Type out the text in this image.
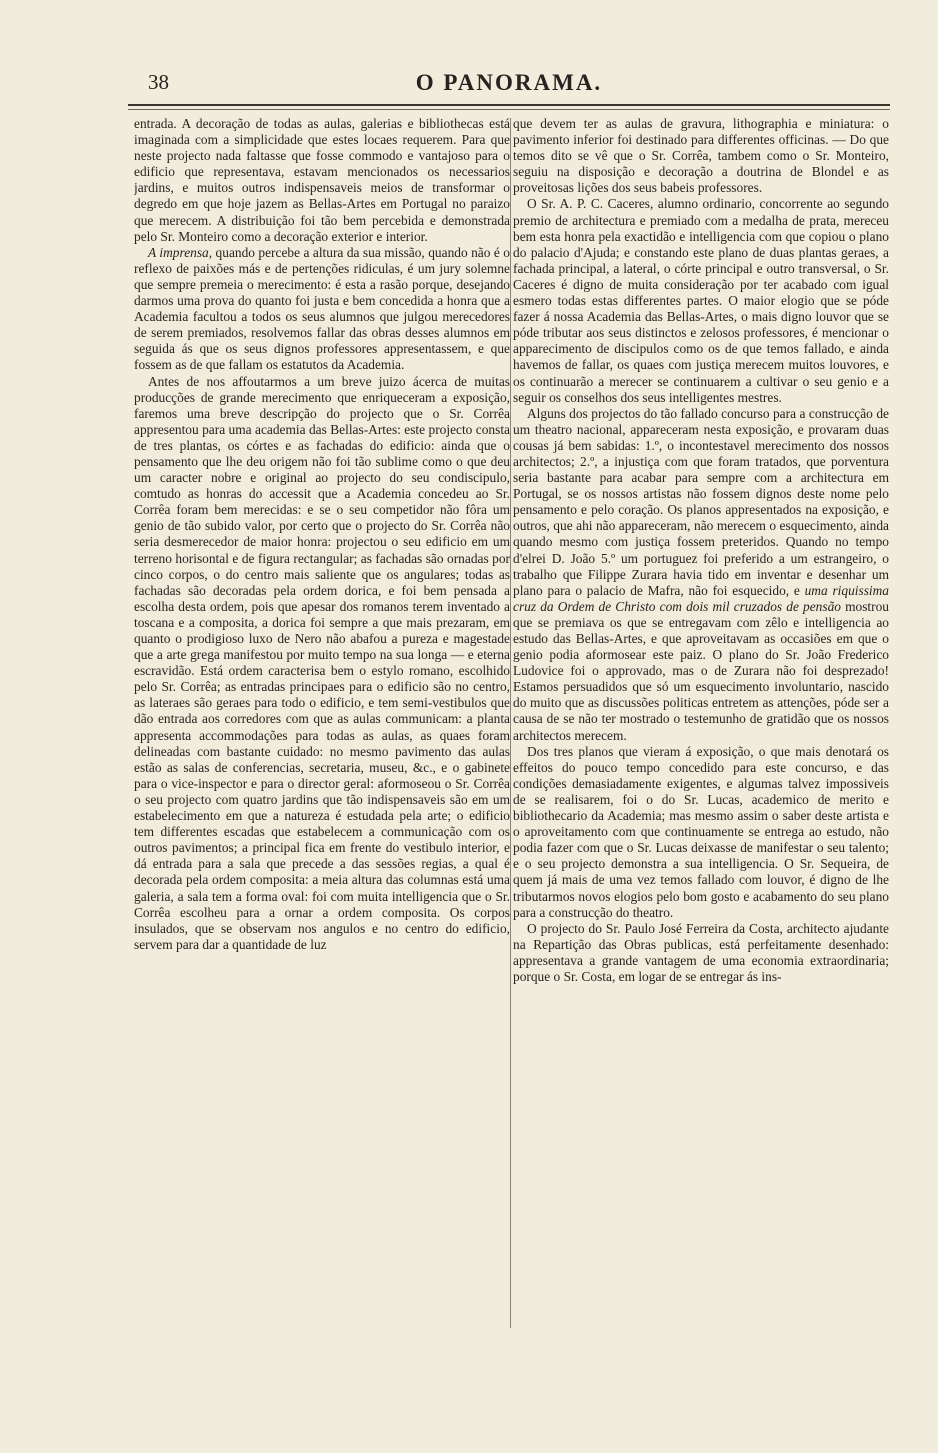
38	O PANORAMA.

entrada. A decoração de todas as aulas, galerias e bibliothecas está imaginada com a simplicidade que estes locaes requerem. Para que neste projecto nada faltasse que fosse commodo e vantajoso para o edificio que representava, estavam mencionados os necessarios jardins, e muitos outros indispensaveis meios de transformar o degredo em que hoje jazem as Bellas-Artes em Portugal no paraizo que merecem. A distribuição foi tão bem percebida e demonstrada pelo Sr. Monteiro como a decoração exterior e interior.

A imprensa, quando percebe a altura da sua missão, quando não é o reflexo de paixões más e de pertenções ridiculas, é um jury solemne que sempre premeia o merecimento: é esta a rasão porque, desejando darmos uma prova do quanto foi justa e bem concedida a honra que a Academia facultou a todos os seus alumnos que julgou merecedores de serem premiados, resolvemos fallar das obras desses alumnos em seguida ás que os seus dignos professores appresentassem, e que fossem as de que fallam os estatutos da Academia.

Antes de nos affoutarmos a um breve juizo ácerca de muitas producções de grande merecimento que enriqueceram a exposição, faremos uma breve descripção do projecto que o Sr. Corrêa appresentou para uma academia das Bellas-Artes: este projecto consta de tres plantas, os córtes e as fachadas do edificio: ainda que o pensamento que lhe deu origem não foi tão sublime como o que deu um caracter nobre e original ao projecto do seu condiscipulo, comtudo as honras do accessit que a Academia concedeu ao Sr. Corrêa foram bem merecidas: e se o seu competidor não fôra um genio de tão subido valor, por certo que o projecto do Sr. Corrêa não seria desmerecedor de maior honra: projectou o seu edificio em um terreno horisontal e de figura rectangular; as fachadas são ornadas por cinco corpos, o do centro mais saliente que os angulares; todas as fachadas são decoradas pela ordem dorica, e foi bem pensada a escolha desta ordem, pois que apesar dos romanos terem inventado a toscana e a composita, a dorica foi sempre a que mais prezaram, em quanto o prodigioso luxo de Nero não abafou a pureza e magestade que a arte grega manifestou por muito tempo na sua longa — e eterna escravidão. Está ordem caracterisa bem o estylo romano, escolhido pelo Sr. Corrêa; as entradas principaes para o edificio são no centro, as lateraes são geraes para todo o edificio, e tem semi-vestibulos que dão entrada aos corredores com que as aulas communicam: a planta appresenta accommodações para todas as aulas, as quaes foram delineadas com bastante cuidado: no mesmo pavimento das aulas estão as salas de conferencias, secretaria, museu, &c., e o gabinete para o vice-inspector e para o director geral: aformoseou o Sr. Corrêa o seu projecto com quatro jardins que tão indispensaveis são em um estabelecimento em que a natureza é estudada pela arte; o edificio tem differentes escadas que estabelecem a communicação com os outros pavimentos; a principal fica em frente do vestibulo interior, e dá entrada para a sala que precede a das sessões regias, a qual é decorada pela ordem composita: a meia altura das columnas está uma galeria, a sala tem a forma oval: foi com muita intelligencia que o Sr. Corrêa escolheu para a ornar a ordem composita. Os corpos insulados, que se observam nos angulos e no centro do edificio, servem para dar a quantidade de luz

que devem ter as aulas de gravura, lithographia e miniatura: o pavimento inferior foi destinado para differentes officinas. — Do que temos dito se vê que o Sr. Corrêa, tambem como o Sr. Monteiro, seguiu na disposição e decoração a doutrina de Blondel e as proveitosas lições dos seus babeis professores.

O Sr. A. P. C. Caceres, alumno ordinario, concorrente ao segundo premio de architectura e premiado com a medalha de prata, mereceu bem esta honra pela exactidão e intelligencia com que copiou o plano do palacio d'Ajuda; e constando este plano de duas plantas geraes, a fachada principal, a lateral, o córte principal e outro transversal, o Sr. Caceres é digno de muita consideração por ter acabado com igual esmero todas estas differentes partes. O maior elogio que se póde fazer á nossa Academia das Bellas-Artes, o mais digno louvor que se póde tributar aos seus distinctos e zelosos professores, é mencionar o apparecimento de discipulos como os de que temos fallado, e ainda havemos de fallar, os quaes com justiça merecem muitos louvores, e os continuarão a merecer se continuarem a cultivar o seu genio e a seguir os conselhos dos seus intelligentes mestres.

Alguns dos projectos do tão fallado concurso para a construcção de um theatro nacional, appareceram nesta exposição, e provaram duas cousas já bem sabidas: 1.º, o incontestavel merecimento dos nossos architectos; 2.º, a injustiça com que foram tratados, que porventura seria bastante para acabar para sempre com a architectura em Portugal, se os nossos artistas não fossem dignos deste nome pelo pensamento e pelo coração. Os planos appresentados na exposição, e outros, que ahi não appareceram, não merecem o esquecimento, ainda quando mesmo com justiça fossem preteridos. Quando no tempo d'elrei D. João 5.º um portuguez foi preferido a um estrangeiro, o trabalho que Filippe Zurara havia tido em inventar e desenhar um plano para o palacio de Mafra, não foi esquecido, e uma riquissima cruz da Ordem de Christo com dois mil cruzados de pensão mostrou que se premiava os que se entregavam com zêlo e intelligencia ao estudo das Bellas-Artes, e que aproveitavam as occasiões em que o genio podia aformosear este paiz. O plano do Sr. João Frederico Ludovice foi o approvado, mas o de Zurara não foi desprezado! Estamos persuadidos que só um esquecimento involuntario, nascido do muito que as discussões politicas entretem as attenções, póde ser a causa de se não ter mostrado o testemunho de gratidão que os nossos architectos merecem.

Dos tres planos que vieram á exposição, o que mais denotará os effeitos do pouco tempo concedido para este concurso, e das condições demasiadamente exigentes, e algumas talvez impossiveis de se realisarem, foi o do Sr. Lucas, academico de merito e bibliothecario da Academia; mas mesmo assim o saber deste artista e o aproveitamento com que continuamente se entrega ao estudo, não podia fazer com que o Sr. Lucas deixasse de manifestar o seu talento; e o seu projecto demonstra a sua intelligencia. O Sr. Sequeira, de quem já mais de uma vez temos fallado com louvor, é digno de lhe tributarmos novos elogios pelo bom gosto e acabamento do seu plano para a construcção do theatro.

O projecto do Sr. Paulo José Ferreira da Costa, architecto ajudante na Repartição das Obras publicas, está perfeitamente desenhado: appresentava a grande vantagem de uma economia extraordinaria; porque o Sr. Costa, em logar de se entregar ás ins-
